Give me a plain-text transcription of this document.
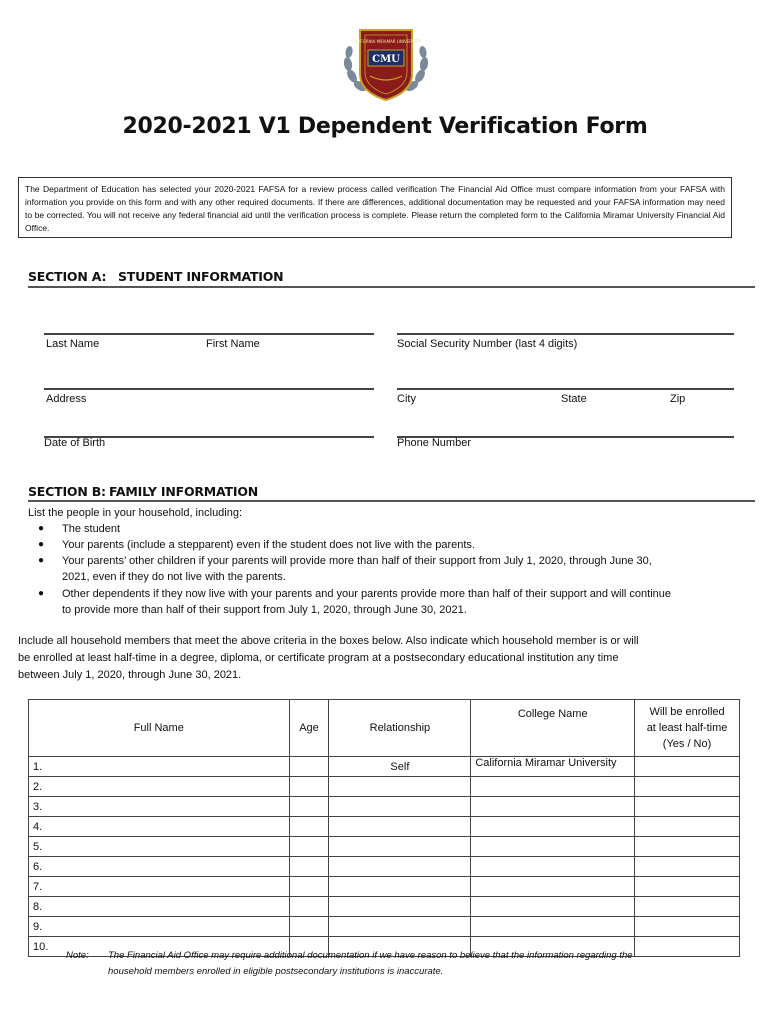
CALIFORNIA MIRAMAR UNIVERSITY
CMU
2020-2021 V1 Dependent Verification Form
The Department of Education has selected your 2020-2021 FAFSA for a review process called verification The Financial Aid Office must compare information from your FAFSA with information you provide on this form and with any other required documents. If there are differences, additional documentation may be requested and your FAFSA information may need to be corrected. You will not receive any federal financial aid until the verification process is complete. Please return the completed form to the California Miramar University Financial Aid Office.
SECTION A: STUDENT INFORMATION
Last Name	First Name	Social Security Number (last 4 digits)
Address	City	State	Zip
Date of Birth	Phone Number
SECTION B: FAMILY INFORMATION
List the people in your household, including:
● The student
● Your parents (include a stepparent) even if the student does not live with the parents.
● Your parents’ other children if your parents will provide more than half of their support from July 1, 2020, through June 30,
2021, even if they do not live with the parents.
● Other dependents if they now live with your parents and your parents provide more than half of their support and will continue
to provide more than half of their support from July 1, 2020, through June 30, 2021.
Include all household members that meet the above criteria in the boxes below. Also indicate which household member is or will
be enrolled at least half-time in a degree, diploma, or certificate program at a postsecondary educational institution any time
between July 1, 2020, through June 30, 2021.
Full Name	Age	Relationship	College Name	Will be enrolled
at least half-time
(Yes / No)
1.		Self	California Miramar University	
2.				
3.				
4.				
5.				
6.				
7.				
8.				
9.				
10.				
Note: The Financial Aid Office may require additional documentation if we have reason to believe that the information regarding the
household members enrolled in eligible postsecondary institutions is inaccurate.
